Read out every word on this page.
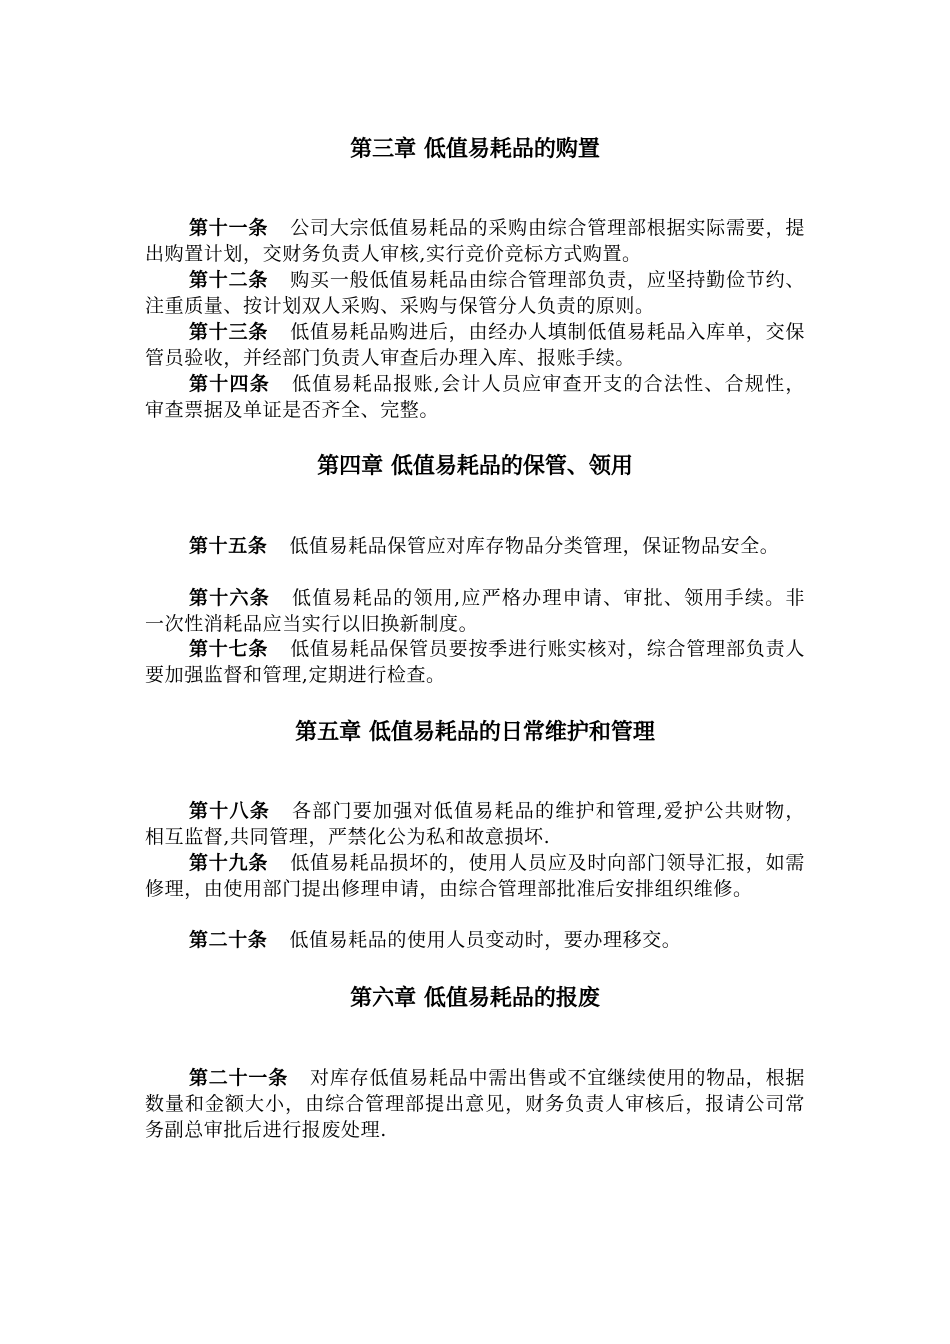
第三章 低值易耗品的购置

第十一条 公司大宗低值易耗品的采购由综合管理部根据实际需要，提出购置计划，交财务负责人审核,实行竞价竞标方式购置。

第十二条 购买一般低值易耗品由综合管理部负责，应坚持勤俭节约、注重质量、按计划双人采购、采购与保管分人负责的原则。

第十三条 低值易耗品购进后，由经办人填制低值易耗品入库单，交保管员验收，并经部门负责人审查后办理入库、报账手续。

第十四条 低值易耗品报账,会计人员应审查开支的合法性、合规性，审查票据及单证是否齐全、完整。

第四章 低值易耗品的保管、领用

第十五条 低值易耗品保管应对库存物品分类管理，保证物品安全。

第十六条 低值易耗品的领用,应严格办理申请、审批、领用手续。非一次性消耗品应当实行以旧换新制度。

第十七条 低值易耗品保管员要按季进行账实核对，综合管理部负责人要加强监督和管理,定期进行检查。

第五章 低值易耗品的日常维护和管理

第十八条 各部门要加强对低值易耗品的维护和管理,爱护公共财物，相互监督,共同管理，严禁化公为私和故意损坏.

第十九条 低值易耗品损坏的，使用人员应及时向部门领导汇报，如需修理，由使用部门提出修理申请，由综合管理部批准后安排组织维修。

第二十条 低值易耗品的使用人员变动时，要办理移交。

第六章 低值易耗品的报废

第二十一条 对库存低值易耗品中需出售或不宜继续使用的物品，根据数量和金额大小，由综合管理部提出意见，财务负责人审核后，报请公司常务副总审批后进行报废处理.
